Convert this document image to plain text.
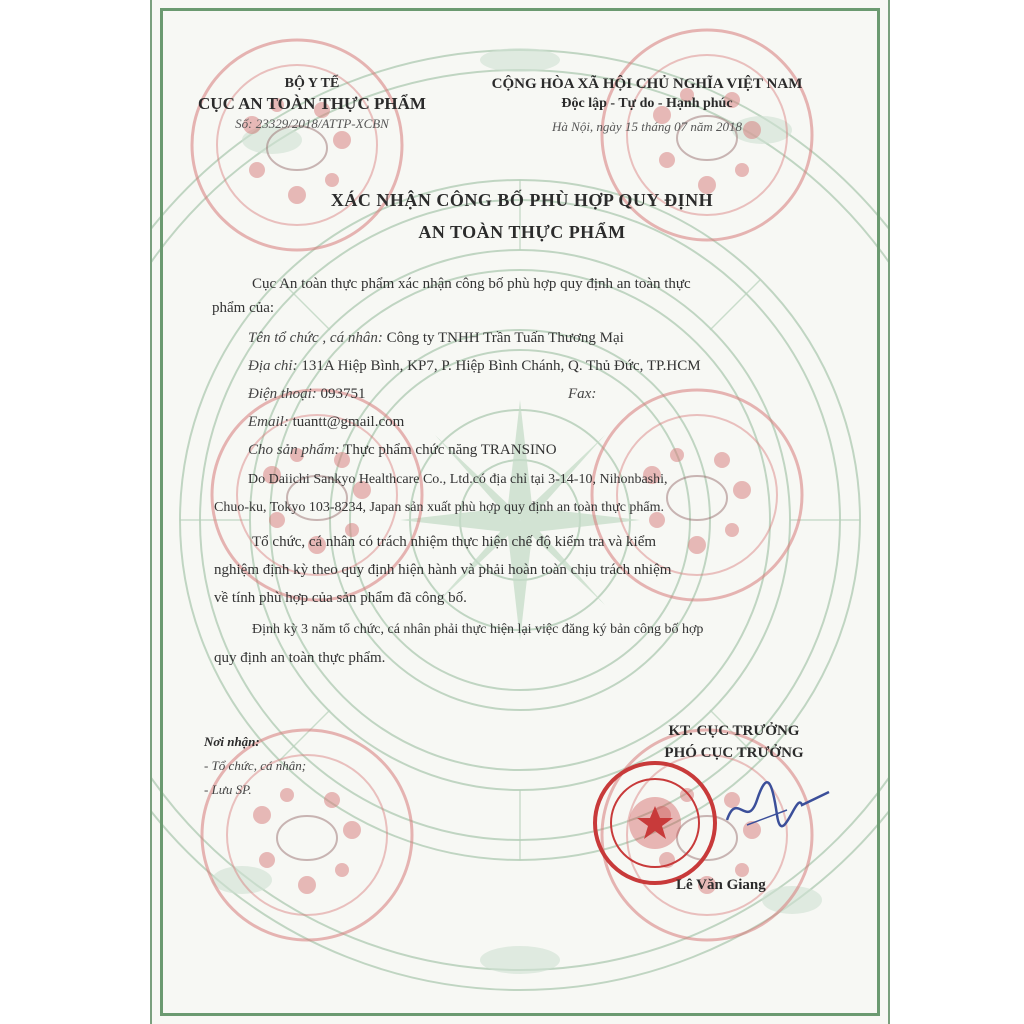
BỘ Y TẾ
CỤC AN TOÀN THỰC PHẨM
Số: 23329/2018/ATTP-XCBN
CỘNG HÒA XÃ HỘI CHỦ NGHĨA VIỆT NAM
Độc lập - Tự do - Hạnh phúc
Hà Nội, ngày 15 tháng 07 năm 2018
XÁC NHẬN CÔNG BỐ PHÙ HỢP QUY ĐỊNH
AN TOÀN THỰC PHẨM
Cục An toàn thực phẩm xác nhận công bố phù hợp quy định an toàn thực
phẩm của:
Tên tổ chức , cá nhân: Công ty TNHH Trần Tuấn Thương Mại
Địa chỉ: 131A Hiệp Bình, KP7, P. Hiệp Bình Chánh, Q. Thủ Đức, TP.HCM
Điện thoại: 093751	Fax:
Email: tuantt@gmail.com
Cho sản phẩm: Thực phẩm chức năng TRANSINO
Do Daiichi Sankyo Healthcare Co., Ltd.có địa chỉ tại 3-14-10, Nihonbashi,
Chuo-ku, Tokyo 103-8234, Japan sản xuất phù hợp quy định an toàn thực phẩm.
Tổ chức, cá nhân có trách nhiệm thực hiện chế độ kiểm tra và kiểm
nghiệm định kỳ theo quy định hiện hành và phải hoàn toàn chịu trách nhiệm
về tính phù hợp của sản phẩm đã công bố.
Định kỳ 3 năm tổ chức, cá nhân phải thực hiện lại việc đăng ký bản công bố hợp
quy định an toàn thực phẩm.
Nơi nhận:
- Tổ chức, cá nhân;
- Lưu SP.
KT. CỤC TRƯỞNG
PHÓ CỤC TRƯỞNG
Lê Văn Giang
